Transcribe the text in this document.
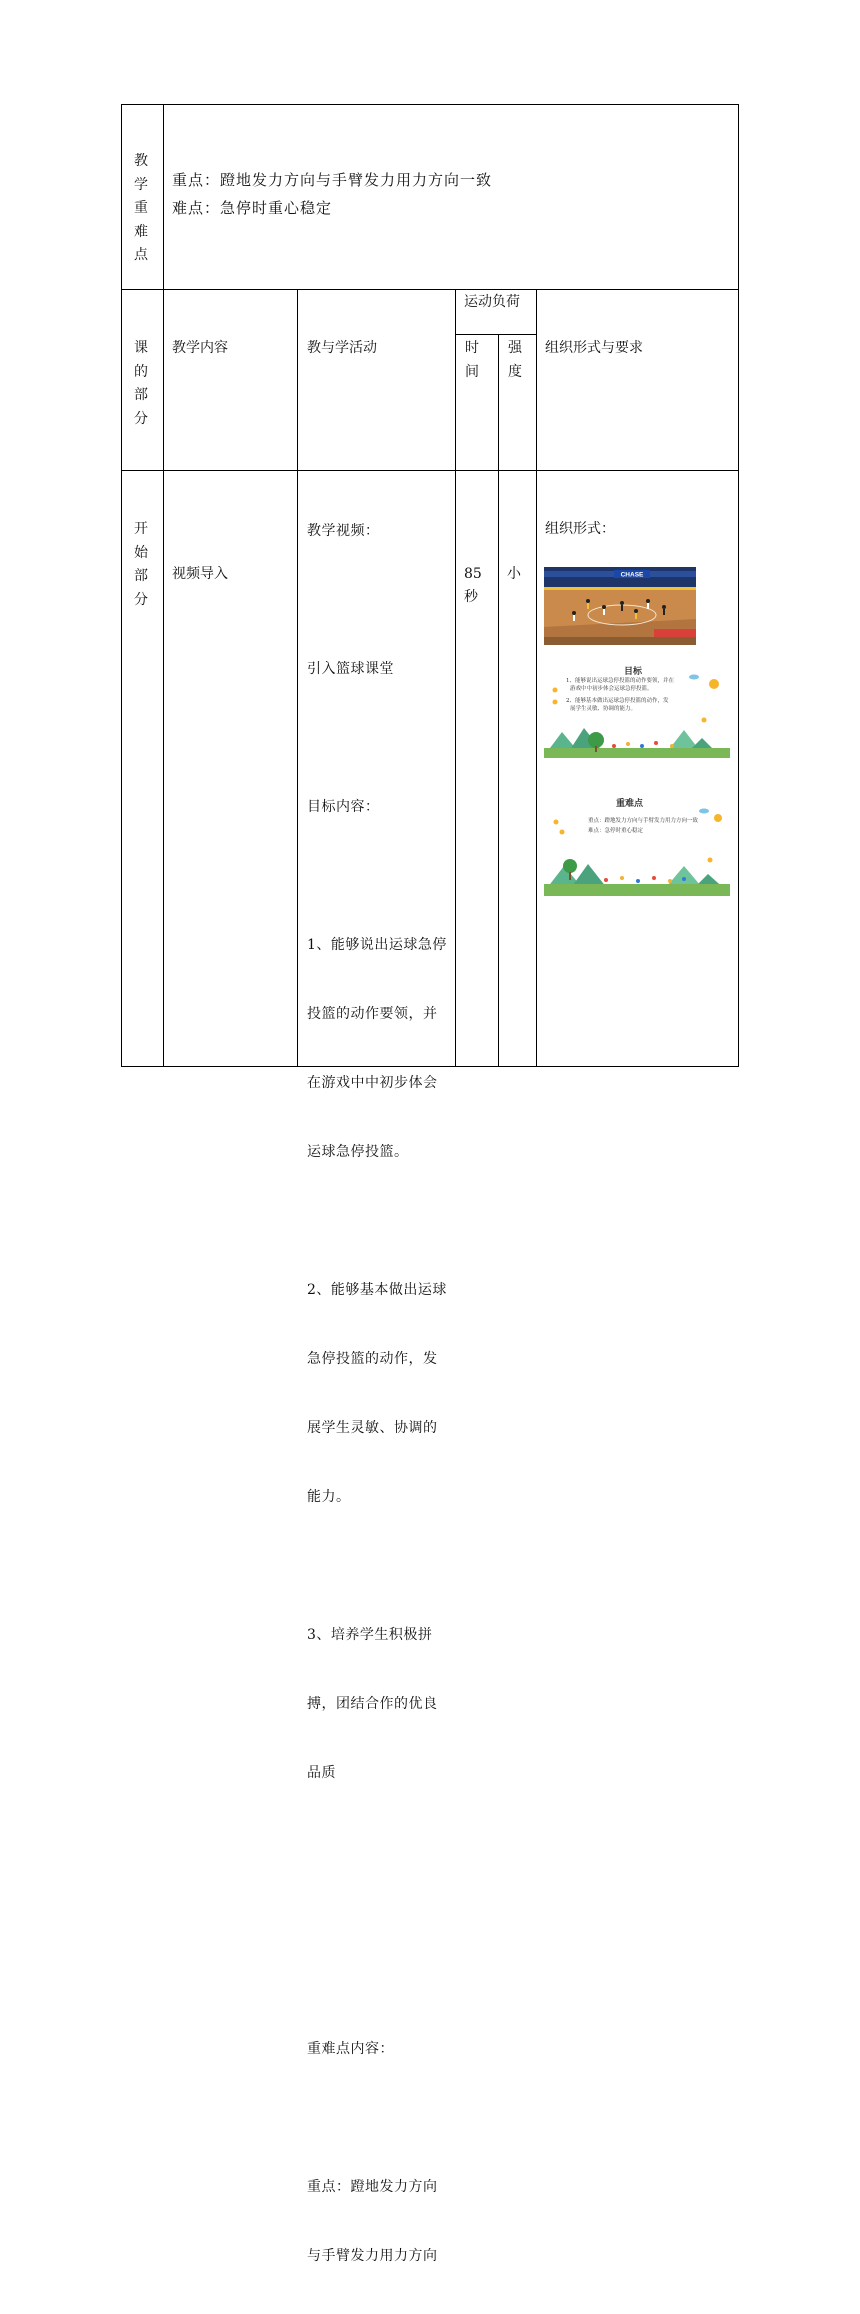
教
学
重
难
点
重点：蹬地发力方向与手臂发力用力方向一致
难点：急停时重心稳定
课
的
部
分
教学内容	教与学活动
运动负荷
时
间
强
度
组织形式与要求
开
始
部
分
视频导入

教学视频：

引入篮球课堂

目标内容：

1、能够说出运球急停

投篮的动作要领，并

在游戏中中初步体会

运球急停投篮。

2、能够基本做出运球

急停投篮的动作，发

展学生灵敏、协调的

能力。

3、培养学生积极拼

搏，团结合作的优良

品质

重难点内容：

重点：蹬地发力方向

与手臂发力用力方向

85
秒
小
组织形式：
CHASE
目标
1、能够说出运球急停投篮的动作要领，并在
游戏中中初步体会运球急停投篮。
2、能够基本做出运球急停投篮的动作，发
展学生灵敏、协调的能力。
重难点
重点：蹬地发力方向与手臂发力用力方向一致
难点：急停时重心稳定
